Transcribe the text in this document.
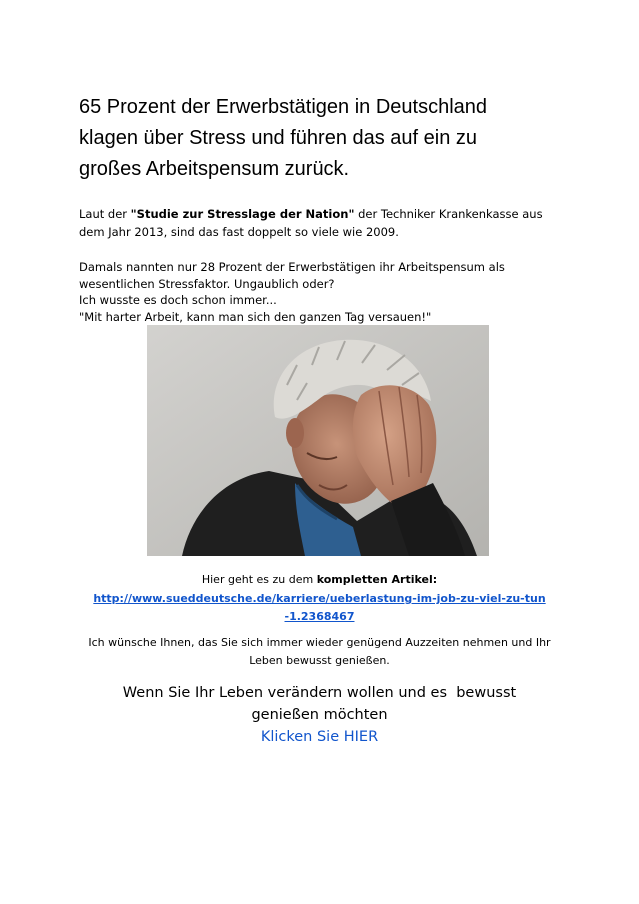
65 Prozent der Erwerbstätigen in Deutschland
klagen über Stress und führen das auf ein zu
großes Arbeitspensum zurück.

Laut der "Studie zur Stresslage der Nation" der Techniker Krankenkasse aus
dem Jahr 2013, sind das fast doppelt so viele wie 2009.

Damals nannten nur 28 Prozent der Erwerbstätigen ihr Arbeitspensum als
wesentlichen Stressfaktor. Ungaublich oder?
Ich wusste es doch schon immer...
"Mit harter Arbeit, kann man sich den ganzen Tag versauen!"

Hier geht es zu dem kompletten Artikel:

http://www.sueddeutsche.de/karriere/ueberlastung-im-job-zu-viel-zu-tun
-1.2368467

Ich wünsche Ihnen, das Sie sich immer wieder genügend Auzzeiten nehmen und Ihr
Leben bewusst genießen.

Wenn Sie Ihr Leben verändern wollen und es  bewusst
genießen möchten
Klicken Sie HIER
